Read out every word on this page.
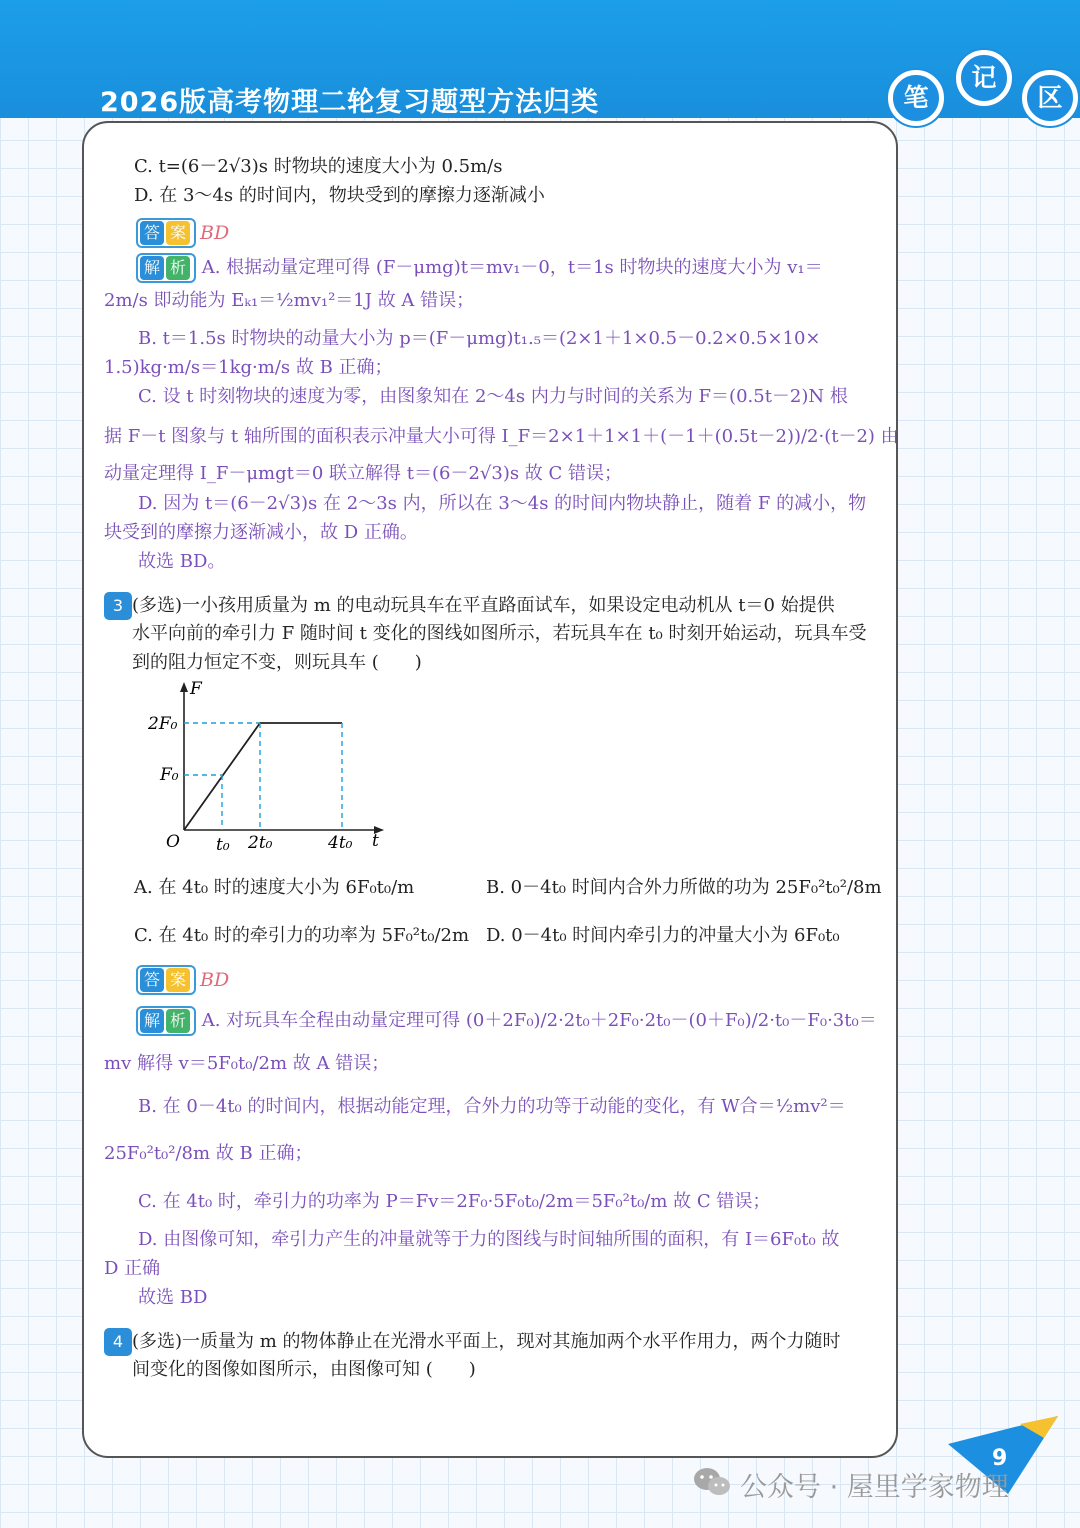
2026版高考物理二轮复习题型方法归类	笔
记
区
C. t=(6－2√3)s 时物块的速度大小为 0.5m/s
D. 在 3～4s 的时间内，物块受到的摩擦力逐渐减小
答 案 BD
解 析 A. 根据动量定理可得 (F－μmg)t＝mv₁－0，t＝1s 时物块的速度大小为 v₁＝
2m/s 即动能为 Eₖ₁＝½mv₁²＝1J 故 A 错误；
B. t＝1.5s 时物块的动量大小为 p＝(F－μmg)t₁.₅＝(2×1＋1×0.5－0.2×0.5×10×
1.5)kg·m/s＝1kg·m/s 故 B 正确；
C. 设 t 时刻物块的速度为零，由图象知在 2～4s 内力与时间的关系为 F＝(0.5t－2)N 根
据 F－t 图象与 t 轴所围的面积表示冲量大小可得 I_F＝2×1＋1×1＋(－1＋(0.5t－2))/2·(t－2) 由
动量定理得 I_F－μmgt＝0 联立解得 t＝(6－2√3)s 故 C 错误；
D. 因为 t＝(6－2√3)s 在 2～3s 内，所以在 3～4s 的时间内物块静止，随着 F 的减小，物
块受到的摩擦力逐渐减小，故 D 正确。
故选 BD。
3 (多选)一小孩用质量为 m 的电动玩具车在平直路面试车，如果设定电动机从 t＝0 始提供
水平向前的牵引力 F 随时间 t 变化的图线如图所示，若玩具车在 t₀ 时刻开始运动，玩具车受
到的阻力恒定不变，则玩具车 (　　)
F
t
O
2F₀
F₀
t₀ 2t₀	4t₀
A. 在 4t₀ 时的速度大小为 6F₀t₀/m	B. 0－4t₀ 时间内合外力所做的功为 25F₀²t₀²/8m
C. 在 4t₀ 时的牵引力的功率为 5F₀²t₀/2m D. 0－4t₀ 时间内牵引力的冲量大小为 6F₀t₀
答 案 BD
解 析 A. 对玩具车全程由动量定理可得 (0＋2F₀)/2·2t₀＋2F₀·2t₀－(0＋F₀)/2·t₀－F₀·3t₀＝
mv 解得 v＝5F₀t₀/2m 故 A 错误；
B. 在 0－4t₀ 的时间内，根据动能定理，合外力的功等于动能的变化，有 W合＝½mv²＝
25F₀²t₀²/8m 故 B 正确；
C. 在 4t₀ 时，牵引力的功率为 P＝Fv＝2F₀·5F₀t₀/2m＝5F₀²t₀/m 故 C 错误；
D. 由图像可知，牵引力产生的冲量就等于力的图线与时间轴所围的面积，有 I＝6F₀t₀ 故
D 正确
故选 BD
4 (多选)一质量为 m 的物体静止在光滑水平面上，现对其施加两个水平作用力，两个力随时
间变化的图像如图所示，由图像可知 (　　)
9
公众号 · 屋里学家物理
